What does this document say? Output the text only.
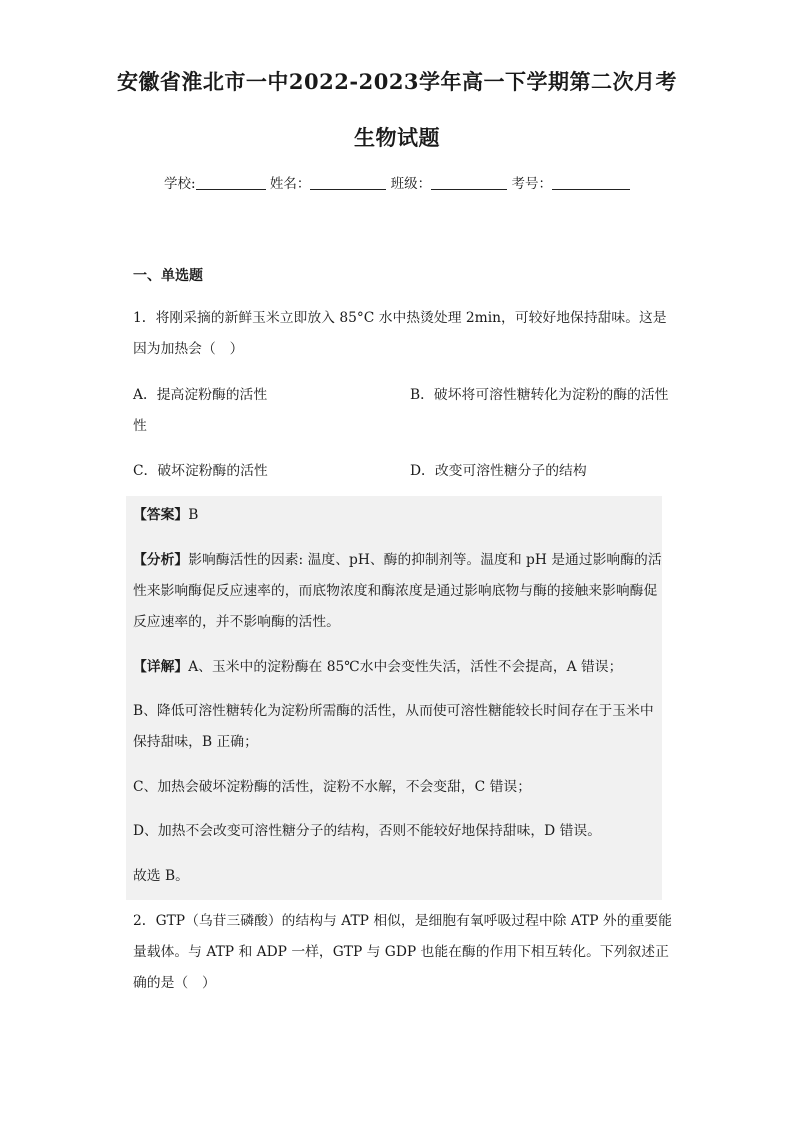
安徽省淮北市一中2022-2023学年高一下学期第二次月考
生物试题
学校:	姓名：	班级：	考号：
一、单选题
1．将刚采摘的新鲜玉米立即放入 85°C 水中热烫处理 2min，可较好地保持甜味。这是
因为加热会（　）
A．提高淀粉酶的活性	B．破坏将可溶性糖转化为淀粉的酶的活性
性
C．破坏淀粉酶的活性	D．改变可溶性糖分子的结构
【答案】B
【分析】影响酶活性的因素: 温度、pH、酶的抑制剂等。温度和 pH 是通过影响酶的活
性来影响酶促反应速率的，而底物浓度和酶浓度是通过影响底物与酶的接触来影响酶促
反应速率的，并不影响酶的活性。
【详解】A、玉米中的淀粉酶在 85℃水中会变性失活，活性不会提高，A 错误；
B、降低可溶性糖转化为淀粉所需酶的活性，从而使可溶性糖能较长时间存在于玉米中
保持甜味，B 正确；
C、加热会破坏淀粉酶的活性，淀粉不水解，不会变甜，C 错误；
D、加热不会改变可溶性糖分子的结构，否则不能较好地保持甜味，D 错误。
故选 B。
2．GTP（乌苷三磷酸）的结构与 ATP 相似，是细胞有氧呼吸过程中除 ATP 外的重要能
量载体。与 ATP 和 ADP 一样，GTP 与 GDP 也能在酶的作用下相互转化。下列叙述正
确的是（　）
